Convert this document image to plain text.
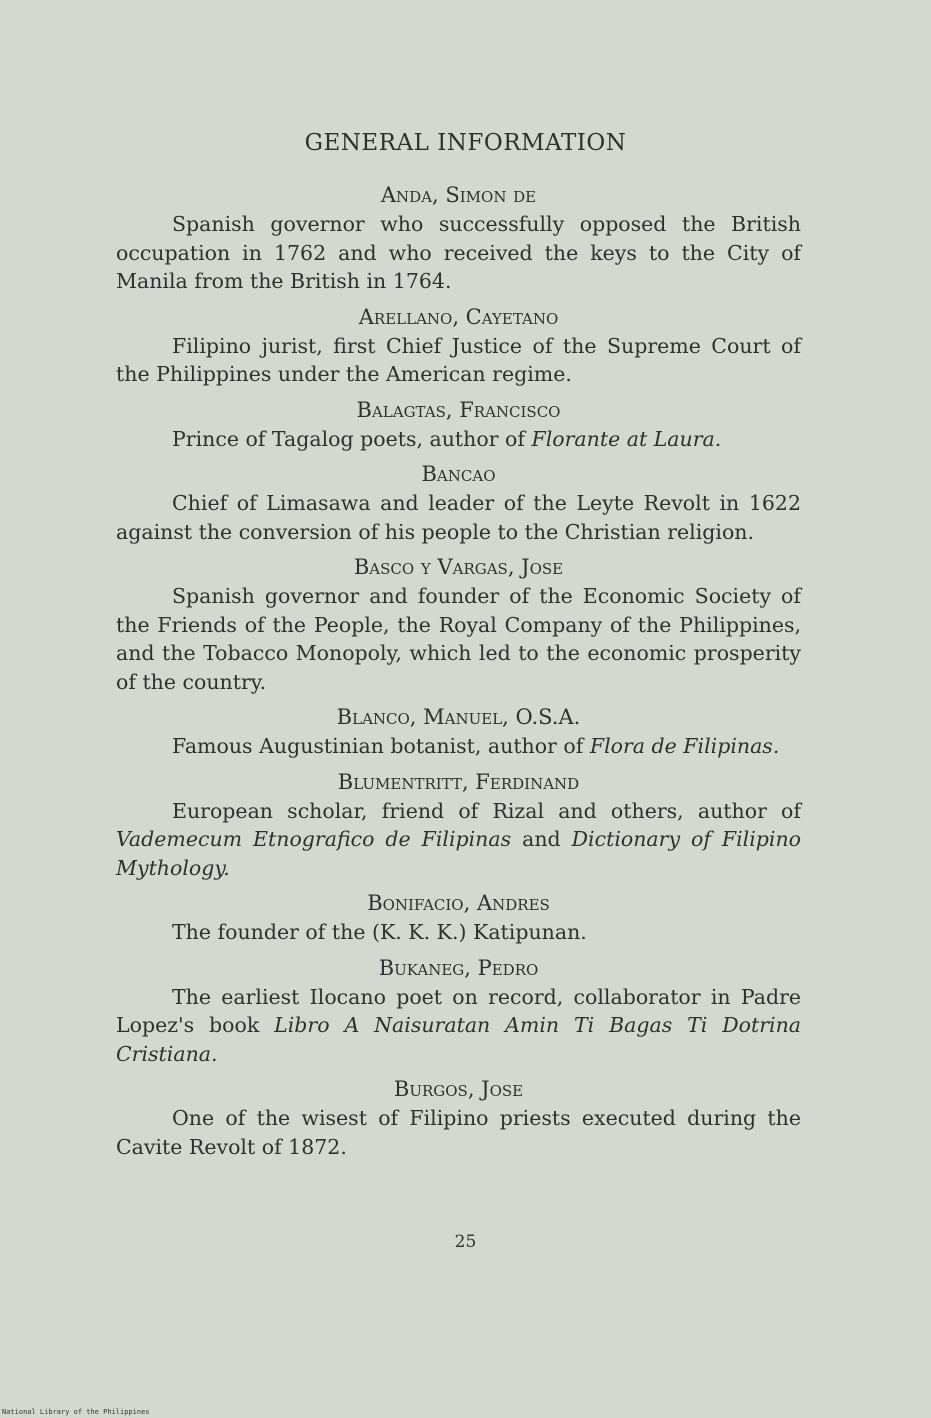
GENERAL INFORMATION

Anda, Simon de

Spanish governor who successfully opposed the British occupation in 1762 and who received the keys to the City of Manila from the British in 1764.

Arellano, Cayetano

Filipino jurist, first Chief Justice of the Supreme Court of the Philippines under the American regime.

Balagtas, Francisco

Prince of Tagalog poets, author of Florante at Laura.

Bancao

Chief of Limasawa and leader of the Leyte Revolt in 1622 against the conversion of his people to the Christian religion.

Basco y Vargas, Jose

Spanish governor and founder of the Economic Society of the Friends of the People, the Royal Company of the Philippines, and the Tobacco Monopoly, which led to the economic prosperity of the country.

Blanco, Manuel, O.S.A.

Famous Augustinian botanist, author of Flora de Filipinas.

Blumentritt, Ferdinand

European scholar, friend of Rizal and others, author of Vademecum Etnografico de Filipinas and Dictionary of Filipino Mythology.

Bonifacio, Andres

The founder of the (K. K. K.) Katipunan.

Bukaneg, Pedro

The earliest Ilocano poet on record, collaborator in Padre Lopez's book Libro A Naisuratan Amin Ti Bagas Ti Dotrina Cristiana.

Burgos, Jose

One of the wisest of Filipino priests executed during the Cavite Revolt of 1872.

25
National Library of the Philippines
